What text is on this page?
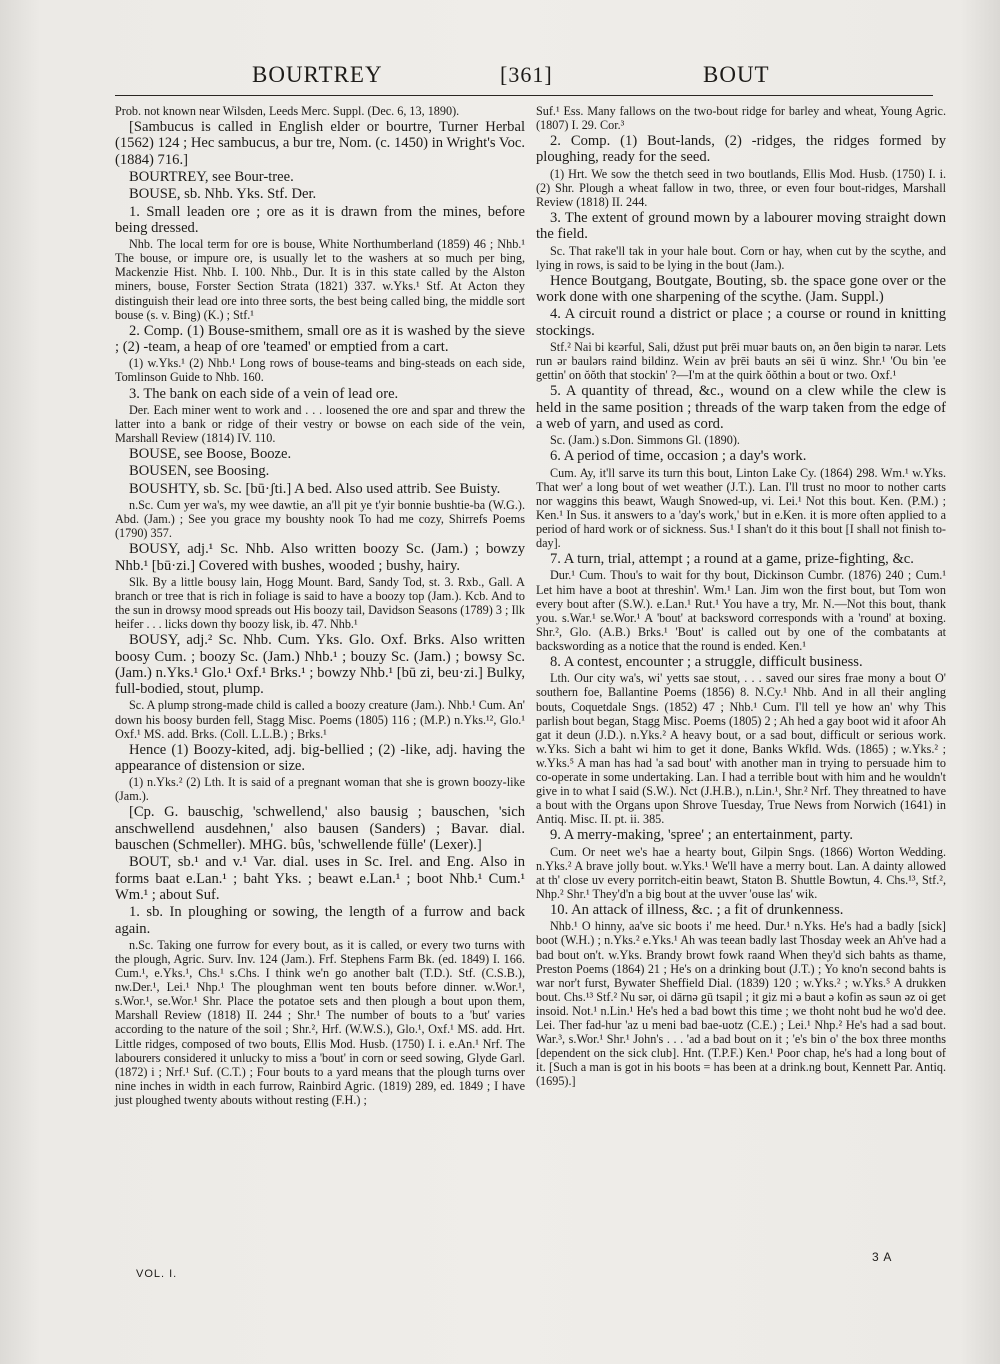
BOURTREY	[361]	BOUT

Prob. not known near Wilsden, Leeds Merc. Suppl. (Dec. 6, 13, 1890).

[Sambucus is called in English elder or bourtre, Turner Herbal (1562) 124 ; Hec sambucus, a bur tre, Nom. (c. 1450) in Wright's Voc. (1884) 716.]

BOURTREY, see Bour-tree.

BOUSE, sb. Nhb. Yks. Stf. Der.

1. Small leaden ore ; ore as it is drawn from the mines, before being dressed.

Nhb. The local term for ore is bouse, White Northumberland (1859) 46 ; Nhb.¹ The bouse, or impure ore, is usually let to the washers at so much per bing, Mackenzie Hist. Nhb. I. 100. Nhb., Dur. It is in this state called by the Alston miners, bouse, Forster Section Strata (1821) 337. w.Yks.¹ Stf. At Acton they distinguish their lead ore into three sorts, the best being called bing, the middle sort bouse (s. v. Bing) (K.) ; Stf.¹

2. Comp. (1) Bouse-smithem, small ore as it is washed by the sieve ; (2) -team, a heap of ore 'teamed' or emptied from a cart.

(1) w.Yks.¹ (2) Nhb.¹ Long rows of bouse-teams and bing-steads on each side, Tomlinson Guide to Nhb. 160.

3. The bank on each side of a vein of lead ore.

Der. Each miner went to work and . . . loosened the ore and spar and threw the latter into a bank or ridge of their vestry or bowse on each side of the vein, Marshall Review (1814) IV. 110.

BOUSE, see Boose, Booze.

BOUSEN, see Boosing.

BOUSHTY, sb. Sc. [bū·ʃti.] A bed. Also used attrib. See Buisty.

n.Sc. Cum yer wa's, my wee dawtie, an a'll pit ye t'yir bonnie bushtie-ba (W.G.). Abd. (Jam.) ; See you grace my boushty nook To had me cozy, Shirrefs Poems (1790) 357.

BOUSY, adj.¹ Sc. Nhb. Also written boozy Sc. (Jam.) ; bowzy Nhb.¹ [bū·zi.] Covered with bushes, wooded ; bushy, hairy.

Slk. By a little bousy lain, Hogg Mount. Bard, Sandy Tod, st. 3. Rxb., Gall. A branch or tree that is rich in foliage is said to have a boozy top (Jam.). Kcb. And to the sun in drowsy mood spreads out His boozy tail, Davidson Seasons (1789) 3 ; Ilk heifer . . . licks down thy boozy lisk, ib. 47. Nhb.¹

BOUSY, adj.² Sc. Nhb. Cum. Yks. Glo. Oxf. Brks. Also written boosy Cum. ; boozy Sc. (Jam.) Nhb.¹ ; bouzy Sc. (Jam.) ; bowsy Sc. (Jam.) n.Yks.¹ Glo.¹ Oxf.¹ Brks.¹ ; bowzy Nhb.¹ [bū zi, beu·zi.] Bulky, full-bodied, stout, plump.

Sc. A plump strong-made child is called a boozy creature (Jam.). Nhb.¹ Cum. An' down his boosy burden fell, Stagg Misc. Poems (1805) 116 ; (M.P.) n.Yks.¹², Glo.¹ Oxf.¹ MS. add. Brks. (Coll. L.L.B.) ; Brks.¹

Hence (1) Boozy-kited, adj. big-bellied ; (2) -like, adj. having the appearance of distension or size.

(1) n.Yks.² (2) Lth. It is said of a pregnant woman that she is grown boozy-like (Jam.).

[Cp. G. bauschig, 'schwellend,' also bausig ; bauschen, 'sich anschwellend ausdehnen,' also bausen (Sanders) ; Bavar. dial. bauschen (Schmeller). MHG. bûs, 'schwellende fülle' (Lexer).]

BOUT, sb.¹ and v.¹ Var. dial. uses in Sc. Irel. and Eng. Also in forms baat e.Lan.¹ ; baht Yks. ; beawt e.Lan.¹ ; boot Nhb.¹ Cum.¹ Wm.¹ ; about Suf.

1. sb. In ploughing or sowing, the length of a furrow and back again.

n.Sc. Taking one furrow for every bout, as it is called, or every two turns with the plough, Agric. Surv. Inv. 124 (Jam.). Frf. Stephens Farm Bk. (ed. 1849) I. 166. Cum.¹, e.Yks.¹, Chs.¹ s.Chs. I think we'n go another balt (T.D.). Stf. (C.S.B.), nw.Der.¹, Lei.¹ Nhp.¹ The ploughman went ten bouts before dinner. w.Wor.¹, s.Wor.¹, se.Wor.¹ Shr. Place the potatoe sets and then plough a bout upon them, Marshall Review (1818) II. 244 ; Shr.¹ The number of bouts to a 'but' varies according to the nature of the soil ; Shr.², Hrf. (W.W.S.), Glo.¹, Oxf.¹ MS. add. Hrt. Little ridges, composed of two bouts, Ellis Mod. Husb. (1750) I. i. e.An.¹ Nrf. The labourers considered it unlucky to miss a 'bout' in corn or seed sowing, Glyde Garl. (1872) i ; Nrf.¹ Suf. (C.T.) ; Four bouts to a yard means that the plough turns over nine inches in width in each furrow, Rainbird Agric. (1819) 289, ed. 1849 ; I have just ploughed twenty abouts without resting (F.H.) ;

Suf.¹ Ess. Many fallows on the two-bout ridge for barley and wheat, Young Agric. (1807) I. 29. Cor.³

2. Comp. (1) Bout-lands, (2) -ridges, the ridges formed by ploughing, ready for the seed.

(1) Hrt. We sow the thetch seed in two boutlands, Ellis Mod. Husb. (1750) I. i. (2) Shr. Plough a wheat fallow in two, three, or even four bout-ridges, Marshall Review (1818) II. 244.

3. The extent of ground mown by a labourer moving straight down the field.

Sc. That rake'll tak in your hale bout. Corn or hay, when cut by the scythe, and lying in rows, is said to be lying in the bout (Jam.).

Hence Boutgang, Boutgate, Bouting, sb. the space gone over or the work done with one sharpening of the scythe. (Jam. Suppl.)

4. A circuit round a district or place ; a course or round in knitting stockings.

Stf.² Nai bi kεərful, Sali, džust put þrēi muər bauts on, ən ðen bigin tə narər. Lets run ər baulərs raind bildinz. Wεin av þrēi bauts ən sēi ū winz. Shr.¹ 'Ou bin 'ee gettin' on ŏŏth that stockin' ?—I'm at the quirk ŏŏthin a bout or two. Oxf.¹

5. A quantity of thread, &c., wound on a clew while the clew is held in the same position ; threads of the warp taken from the edge of a web of yarn, and used as cord.

Sc. (Jam.) s.Don. Simmons Gl. (1890).

6. A period of time, occasion ; a day's work.

Cum. Ay, it'll sarve its turn this bout, Linton Lake Cy. (1864) 298. Wm.¹ w.Yks. That wer' a long bout of wet weather (J.T.). Lan. I'll trust no moor to nother carts nor waggins this beawt, Waugh Snowed-up, vi. Lei.¹ Not this bout. Ken. (P.M.) ; Ken.¹ In Sus. it answers to a 'day's work,' but in e.Ken. it is more often applied to a period of hard work or of sickness. Sus.¹ I shan't do it this bout [I shall not finish to-day].

7. A turn, trial, attempt ; a round at a game, prize-fighting, &c.

Dur.¹ Cum. Thou's to wait for thy bout, Dickinson Cumbr. (1876) 240 ; Cum.¹ Let him have a boot at threshin'. Wm.¹ Lan. Jim won the first bout, but Tom won every bout after (S.W.). e.Lan.¹ Rut.¹ You have a try, Mr. N.—Not this bout, thank you. s.War.¹ se.Wor.¹ A 'bout' at backsword corresponds with a 'round' at boxing. Shr.², Glo. (A.B.) Brks.¹ 'Bout' is called out by one of the combatants at backswording as a notice that the round is ended. Ken.¹

8. A contest, encounter ; a struggle, difficult business.

Lth. Our city wa's, wi' yetts sae stout, . . . saved our sires frae mony a bout O' southern foe, Ballantine Poems (1856) 8. N.Cy.¹ Nhb. And in all their angling bouts, Coquetdale Sngs. (1852) 47 ; Nhb.¹ Cum. I'll tell ye how an' why This parlish bout began, Stagg Misc. Poems (1805) 2 ; Ah hed a gay boot wid it afoor Ah gat it deun (J.D.). n.Yks.² A heavy bout, or a sad bout, difficult or serious work. w.Yks. Sich a baht wi him to get it done, Banks Wkfld. Wds. (1865) ; w.Yks.² ; w.Yks.⁵ A man has had 'a sad bout' with another man in trying to persuade him to co-operate in some undertaking. Lan. I had a terrible bout with him and he wouldn't give in to what I said (S.W.). Nct (J.H.B.), n.Lin.¹, Shr.² Nrf. They threatned to have a bout with the Organs upon Shrove Tuesday, True News from Norwich (1641) in Antiq. Misc. II. pt. ii. 385.

9. A merry-making, 'spree' ; an entertainment, party.

Cum. Or neet we's hae a hearty bout, Gilpin Sngs. (1866) Worton Wedding. n.Yks.² A brave jolly bout. w.Yks.¹ We'll have a merry bout. Lan. A dainty allowed at th' close uv every porritch-eitin beawt, Staton B. Shuttle Bowtun, 4. Chs.¹³, Stf.², Nhp.² Shr.¹ They'd'n a big bout at the uvver 'ouse las' wik.

10. An attack of illness, &c. ; a fit of drunkenness.

Nhb.¹ O hinny, aa've sic boots i' me heed. Dur.¹ n.Yks. He's had a badly [sick] boot (W.H.) ; n.Yks.² e.Yks.¹ Ah was teean badly last Thosday week an Ah've had a bad bout on't. w.Yks. Brandy browt fowk raand When they'd sich bahts as thame, Preston Poems (1864) 21 ; He's on a drinking bout (J.T.) ; Yo kno'n second bahts is war nor't furst, Bywater Sheffield Dial. (1839) 120 ; w.Yks.² ; w.Yks.⁵ A drukken bout. Chs.¹³ Stf.² Nu sər, oi dārnə gū tsapil ; it giz mi ə baut ə kofin əs səun əz oi get insoid. Not.¹ n.Lin.¹ He's hed a bad bowt this time ; we thoht noht bud he wo'd dee. Lei. Ther fad-hur 'az u meni bad bae-uotz (C.E.) ; Lei.¹ Nhp.² He's had a sad bout. War.³, s.Wor.¹ Shr.¹ John's . . . 'ad a bad bout on it ; 'e's bin o' the box three months [dependent on the sick club]. Hnt. (T.P.F.) Ken.¹ Poor chap, he's had a long bout of it. [Such a man is got in his boots = has been at a drink.ng bout, Kennett Par. Antiq. (1695).]

VOL. I.
3 A
